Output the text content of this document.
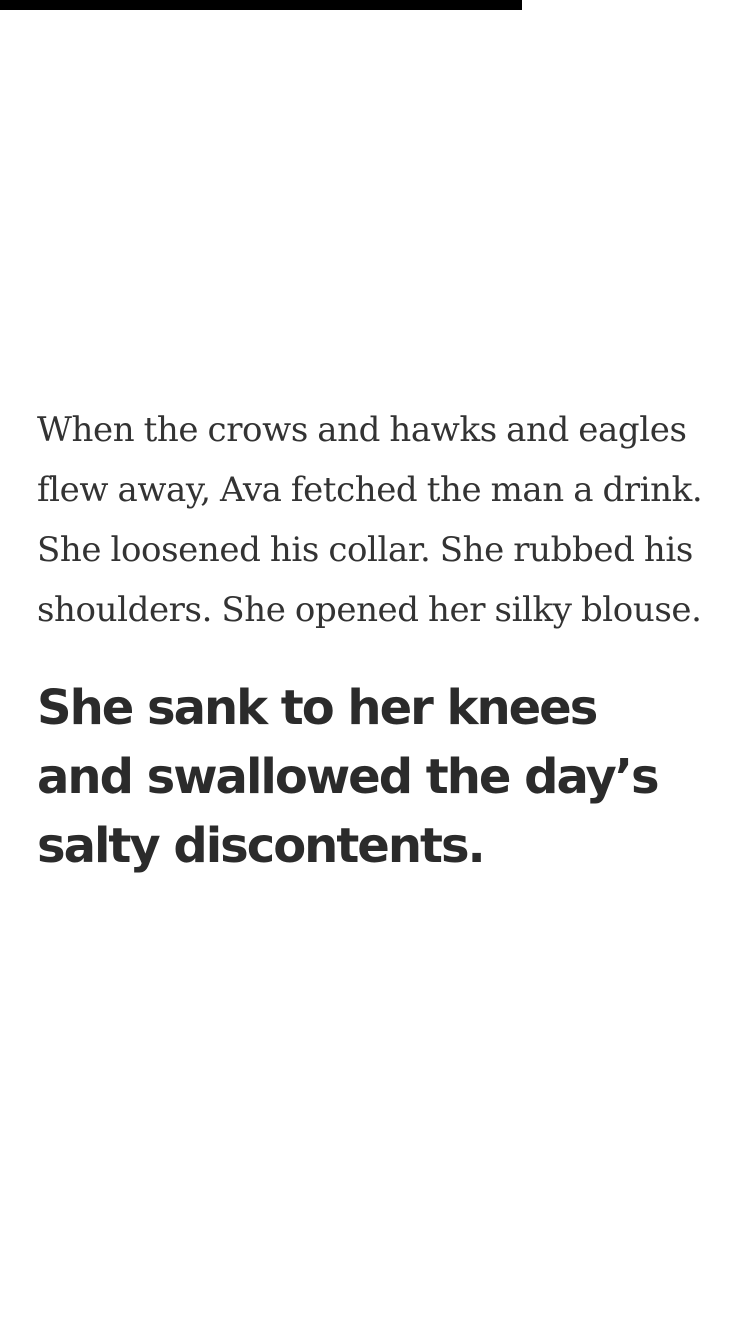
When the crows and hawks and eagles flew away, Ava fetched the man a drink. She loosened his collar. She rubbed his shoulders. She opened her silky blouse.

She sank to her knees and swallowed the day’s salty discontents.
